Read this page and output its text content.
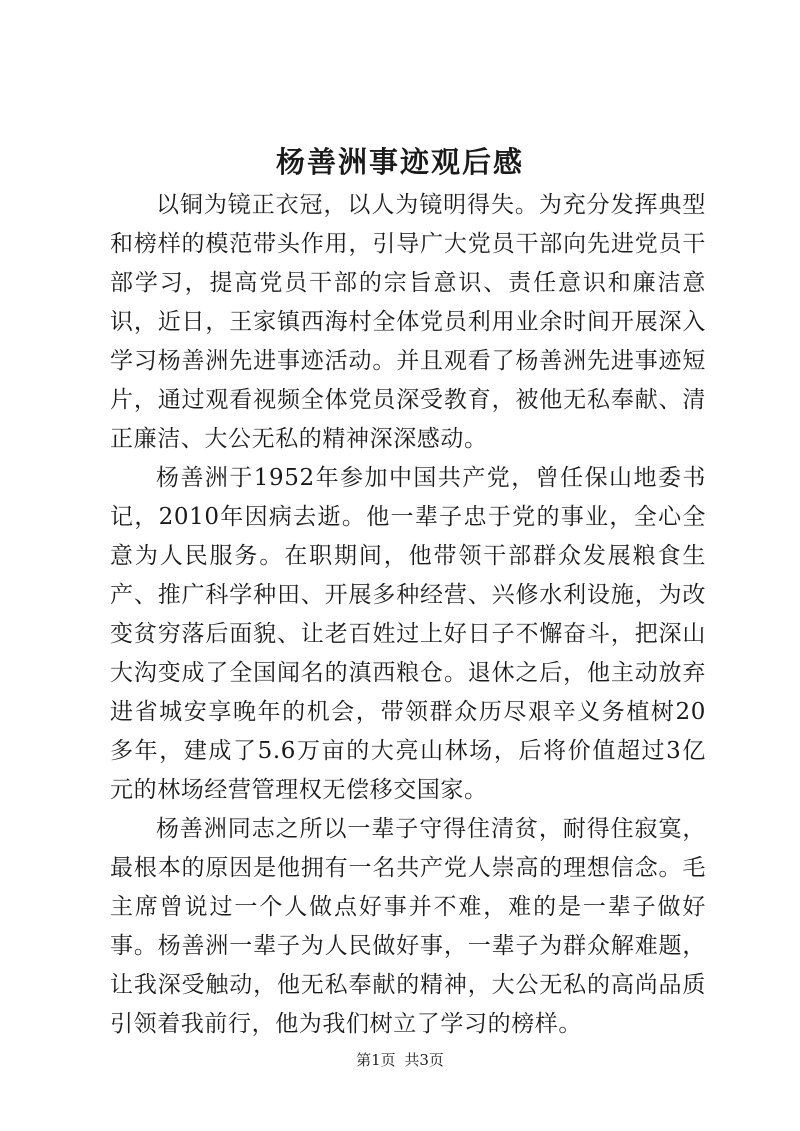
杨善洲事迹观后感

以铜为镜正衣冠，以人为镜明得失。为充分发挥典型和榜样的模范带头作用，引导广大党员干部向先进党员干部学习，提高党员干部的宗旨意识、责任意识和廉洁意识，近日，王家镇西海村全体党员利用业余时间开展深入学习杨善洲先进事迹活动。并且观看了杨善洲先进事迹短片，通过观看视频全体党员深受教育，被他无私奉献、清正廉洁、大公无私的精神深深感动。

杨善洲于1952年参加中国共产党，曾任保山地委书记，2010年因病去逝。他一辈子忠于党的事业，全心全意为人民服务。在职期间，他带领干部群众发展粮食生产、推广科学种田、开展多种经营、兴修水利设施，为改变贫穷落后面貌、让老百姓过上好日子不懈奋斗，把深山大沟变成了全国闻名的滇西粮仓。退休之后，他主动放弃进省城安享晚年的机会，带领群众历尽艰辛义务植树20多年，建成了5.6万亩的大亮山林场，后将价值超过3亿元的林场经营管理权无偿移交国家。

杨善洲同志之所以一辈子守得住清贫，耐得住寂寞，最根本的原因是他拥有一名共产党人崇高的理想信念。毛主席曾说过一个人做点好事并不难，难的是一辈子做好事。杨善洲一辈子为人民做好事，一辈子为群众解难题，让我深受触动，他无私奉献的精神，大公无私的高尚品质引领着我前行，他为我们树立了学习的榜样。

第1页 共3页
